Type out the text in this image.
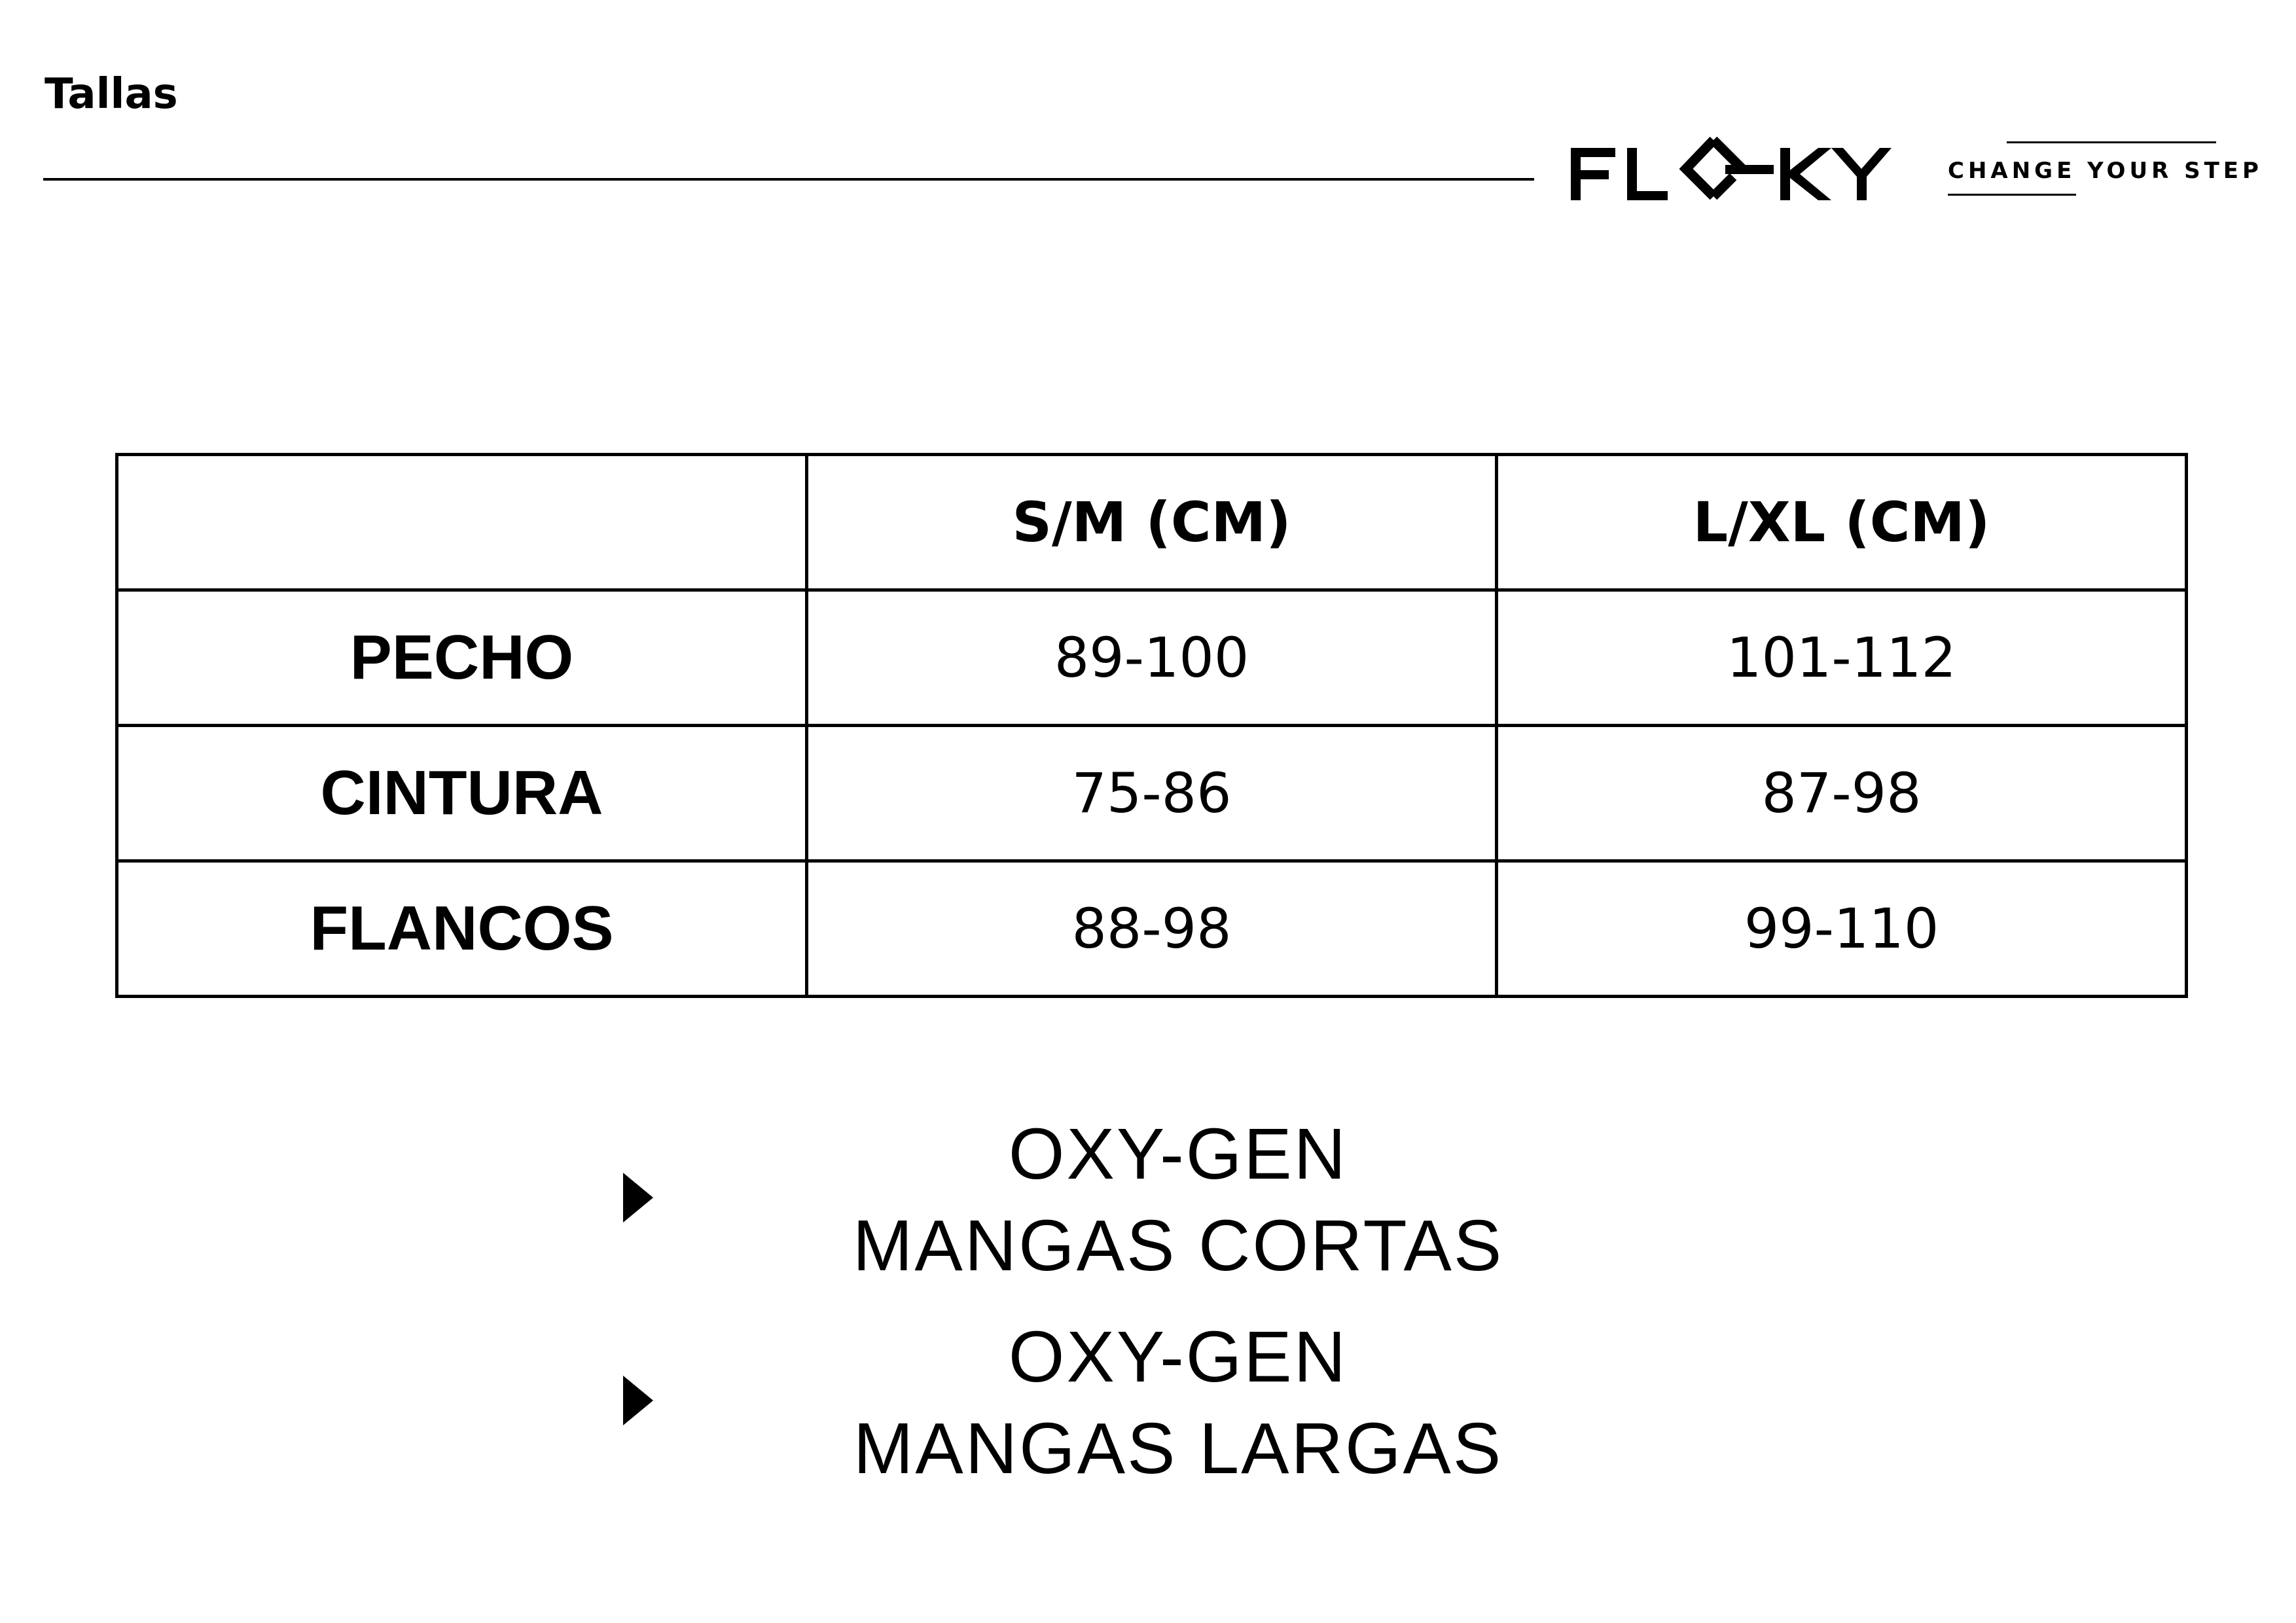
Tallas
CHANGE YOUR STEP
	S/M (CM)	L/XL (CM)
PECHO	89-100	101-112
CINTURA	75-86	87-98
FLANCOS	88-98	99-110
OXY-GEN
MANGAS CORTAS
OXY-GEN
MANGAS LARGAS
